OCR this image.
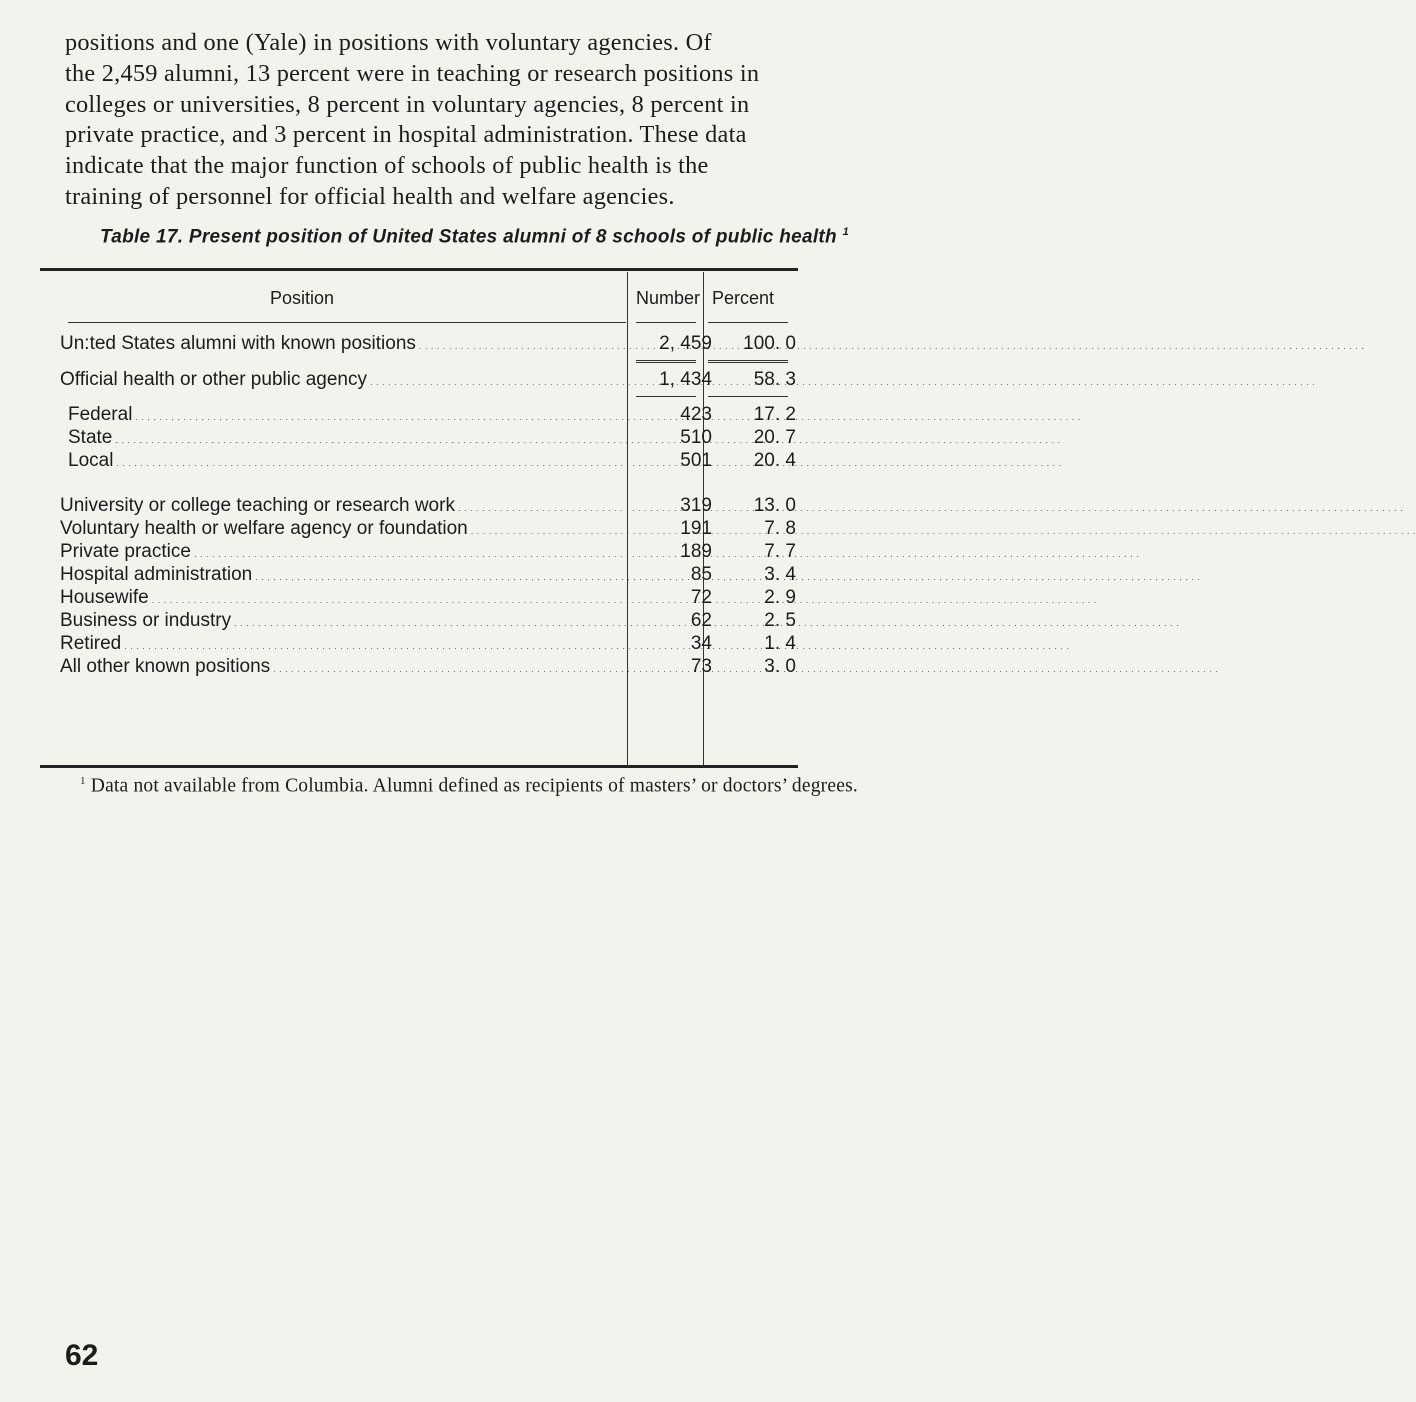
positions and one (Yale) in positions with voluntary agencies. Of
the 2,459 alumni, 13 percent were in teaching or research positions in
colleges or universities, 8 percent in voluntary agencies, 8 percent in
private practice, and 3 percent in hospital administration. These data
indicate that the major function of schools of public health is the
training of personnel for official health and welfare agencies.
Table 17. Present position of United States alumni of 8 schools of public health $^1$
Position	Number Percent
Un:ted States alumni with known positions . . .	2, 459	100. 0
Official health or other public agency . . .	1, 434	58. 3
Federal . . .	423	17. 2
State . . .	510	20. 7
Local . . .	501	20. 4
University or college teaching or research work . . .	319	13. 0
Voluntary health or welfare agency or foundation . . .	191	7. 8
Private practice . . .	189	7. 7
Hospital administration . . .	85	3. 4
Housewife . . .	72	2. 9
Business or industry . . .	62	2. 5
Retired . . .	34	1. 4
All other known positions . . .	73	3. 0
$^1$ Data not available from Columbia. Alumni defined as recipients of masters’ or doctors’ degrees.
62
